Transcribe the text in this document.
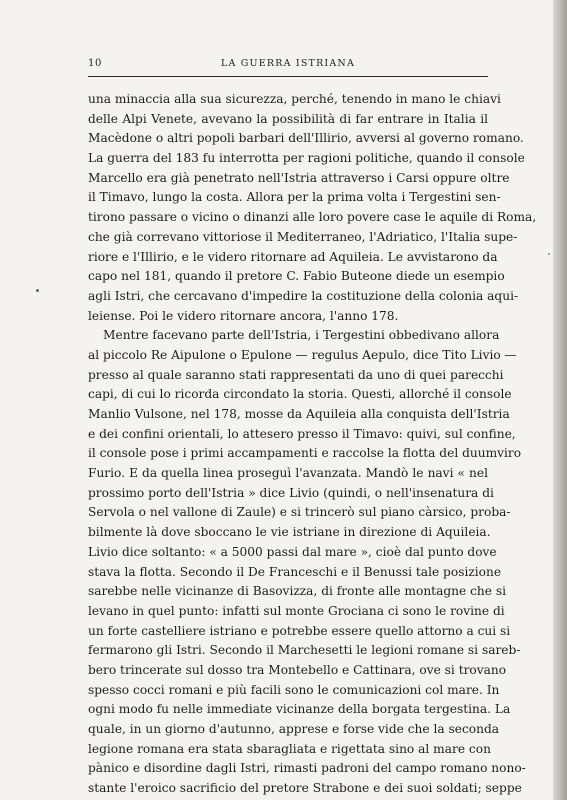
10	LA GUERRA ISTRIANA
una minaccia alla sua sicurezza, perché, tenendo in mano le chiavi
delle Alpi Venete, avevano la possibilità di far entrare in Italia il
Macèdone o altri popoli barbari dell'Illirio, avversi al governo romano.
La guerra del 183 fu interrotta per ragioni politiche, quando il console
Marcello era già penetrato nell'Istria attraverso i Carsi oppure oltre
il Timavo, lungo la costa. Allora per la prima volta i Tergestini sen-
tirono passare o vicino o dinanzi alle loro povere case le aquile di Roma,
che già correvano vittoriose il Mediterraneo, l'Adriatico, l'Italia supe-
riore e l'Illirio, e le videro ritornare ad Aquileia. Le avvistarono da
capo nel 181, quando il pretore C. Fabio Buteone diede un esempio
agli Istri, che cercavano d'impedire la costituzione della colonia aqui-
leiense. Poi le videro ritornare ancora, l'anno 178.
Mentre facevano parte dell'Istria, i Tergestini obbedivano allora
al piccolo Re Aipulone o Epulone — regulus Aepulo, dice Tito Livio —
presso al quale saranno stati rappresentati da uno di quei parecchi
capi, di cui lo ricorda circondato la storia. Questi, allorché il console
Manlio Vulsone, nel 178, mosse da Aquileia alla conquista dell'Istria
e dei confini orientali, lo attesero presso il Timavo: quivi, sul confine,
il console pose i primi accampamenti e raccolse la flotta del duumviro
Furio. E da quella linea proseguì l'avanzata. Mandò le navi « nel
prossimo porto dell'Istria » dice Livio (quindi, o nell'insenatura di
Servola o nel vallone di Zaule) e si trincerò sul piano càrsico, proba-
bilmente là dove sboccano le vie istriane in direzione di Aquileia.
Livio dice soltanto: « a 5000 passi dal mare », cioè dal punto dove
stava la flotta. Secondo il De Franceschi e il Benussi tale posizione
sarebbe nelle vicinanze di Basovizza, di fronte alle montagne che si
levano in quel punto: infatti sul monte Grociana ci sono le rovine di
un forte castelliere istriano e potrebbe essere quello attorno a cui si
fermarono gli Istri. Secondo il Marchesetti le legioni romane si sareb-
bero trincerate sul dosso tra Montebello e Cattinara, ove si trovano
spesso cocci romani e più facili sono le comunicazioni col mare. In
ogni modo fu nelle immediate vicinanze della borgata tergestina. La
quale, in un giorno d'autunno, apprese e forse vide che la seconda
legione romana era stata sbaragliata e rigettata sino al mare con
pànico e disordine dagli Istri, rimasti padroni del campo romano nono-
stante l'eroico sacrificio del pretore Strabone e dei suoi soldati; seppe
